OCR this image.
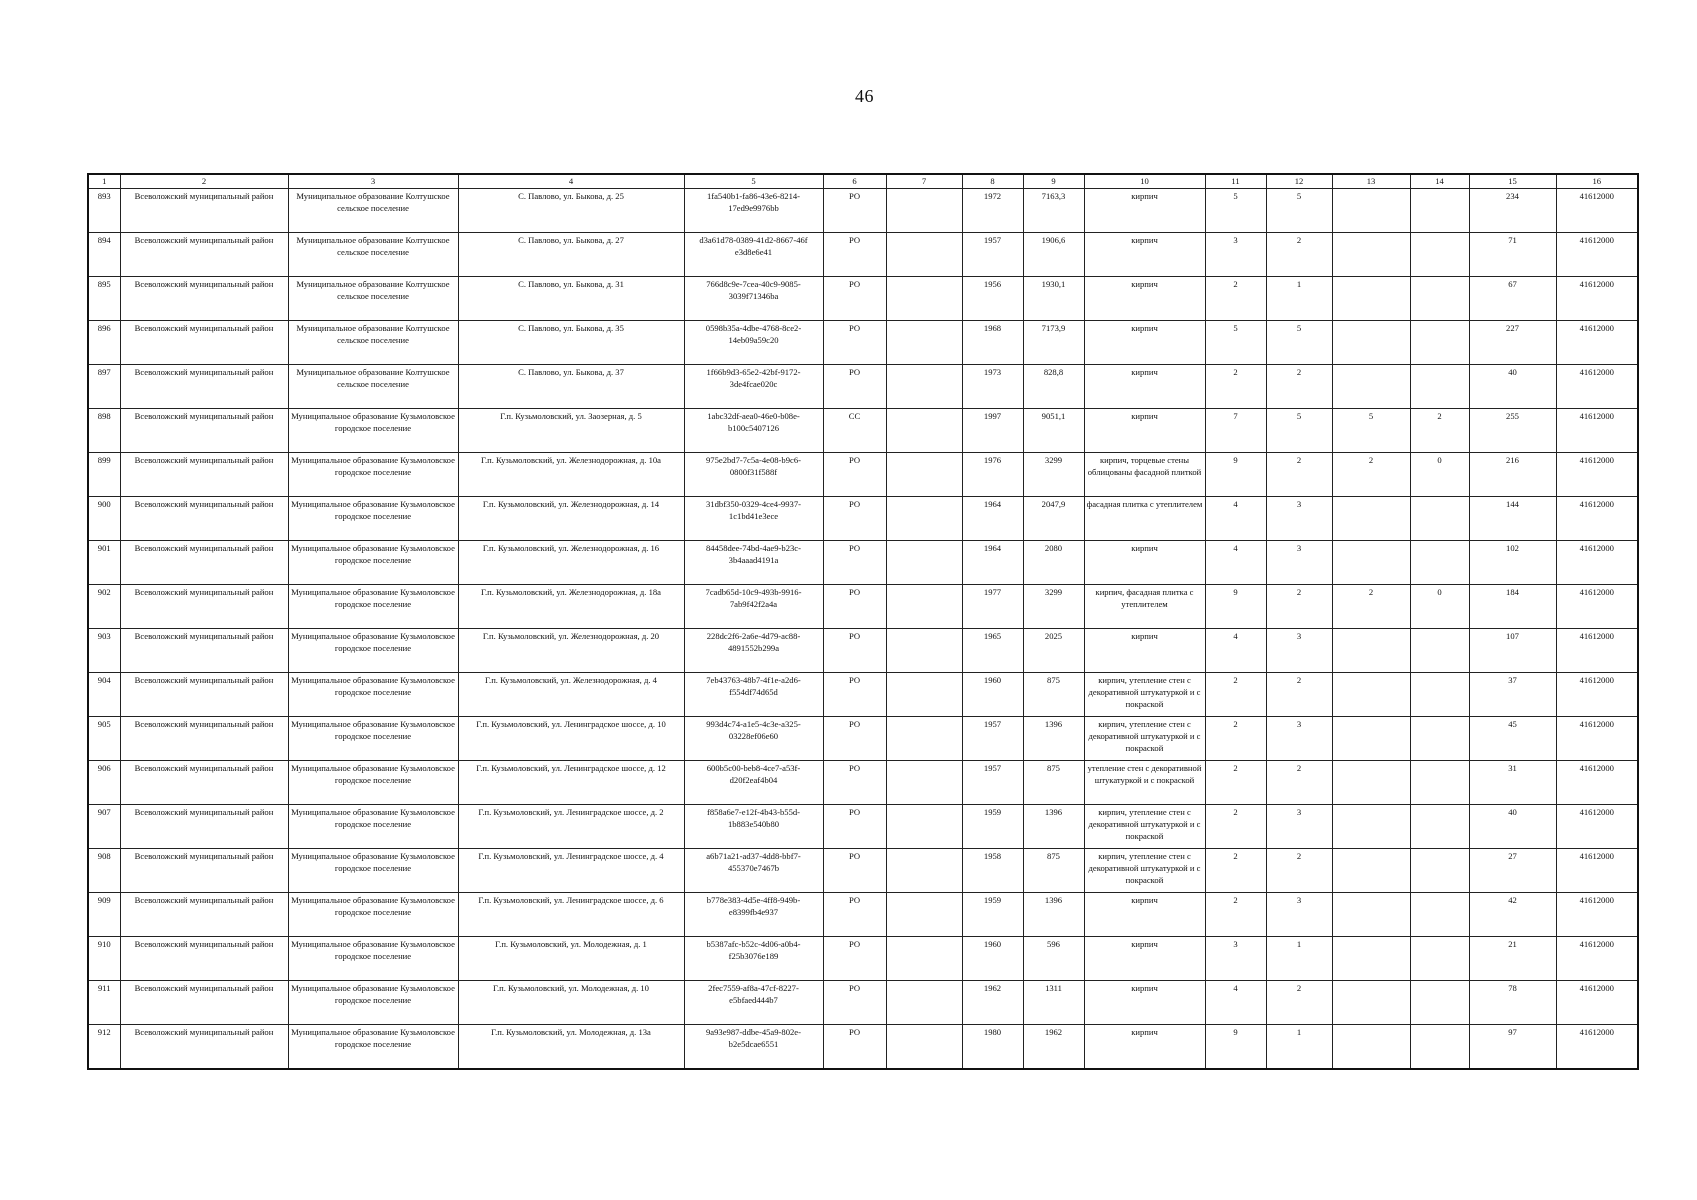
46
1	2	3	4	5	6	7	8	9	10	11	12	13	14	15	16
893	Всеволожский муниципальный район	Муниципальное образование Колтушское сельское поселение	С. Павлово, ул. Быкова, д. 25	1fa540b1-fa86-43e6-8214-17ed9e9976bb	РО		1972	7163,3	кирпич	5	5			234	41612000
894	Всеволожский муниципальный район	Муниципальное образование Колтушское сельское поселение	С. Павлово, ул. Быкова, д. 27	d3a61d78-0389-41d2-8667-46f e3d8e6e41	РО		1957	1906,6	кирпич	3	2			71	41612000
895	Всеволожский муниципальный район	Муниципальное образование Колтушское сельское поселение	С. Павлово, ул. Быкова, д. 31	766d8c9e-7cea-40c9-9085-3039f71346ba	РО		1956	1930,1	кирпич	2	1			67	41612000
896	Всеволожский муниципальный район	Муниципальное образование Колтушское сельское поселение	С. Павлово, ул. Быкова, д. 35	0598b35a-4dbe-4768-8ce2-14eb09a59c20	РО		1968	7173,9	кирпич	5	5			227	41612000
897	Всеволожский муниципальный район	Муниципальное образование Колтушское сельское поселение	С. Павлово, ул. Быкова, д. 37	1f66b9d3-65e2-42bf-9172-3de4fcae020c	РО		1973	828,8	кирпич	2	2			40	41612000
898	Всеволожский муниципальный район	Муниципальное образование Кузьмоловское городское поселение	Г.п. Кузьмоловский, ул. Заозерная, д. 5	1abc32df-aea0-46e0-b08e-b100c5407126	СС		1997	9051,1	кирпич	7	5	5	2	255	41612000
899	Всеволожский муниципальный район	Муниципальное образование Кузьмоловское городское поселение	Г.п. Кузьмоловский, ул. Железнодорожная, д. 10а	975e2bd7-7c5a-4e08-b9c6-0800f31f588f	РО		1976	3299	кирпич, торцевые стены облицованы фасадной плиткой	9	2	2	0	216	41612000
900	Всеволожский муниципальный район	Муниципальное образование Кузьмоловское городское поселение	Г.п. Кузьмоловский, ул. Железнодорожная, д. 14	31dbf350-0329-4ce4-9937-1c1bd41e3ece	РО		1964	2047,9	фасадная плитка с утеплителем	4	3			144	41612000
901	Всеволожский муниципальный район	Муниципальное образование Кузьмоловское городское поселение	Г.п. Кузьмоловский, ул. Железнодорожная, д. 16	84458dee-74bd-4ae9-b23c-3b4aaad4191a	РО		1964	2080	кирпич	4	3			102	41612000
902	Всеволожский муниципальный район	Муниципальное образование Кузьмоловское городское поселение	Г.п. Кузьмоловский, ул. Железнодорожная, д. 18а	7cadb65d-10c9-493b-9916-7ab9f42f2a4a	РО		1977	3299	кирпич, фасадная плитка с утеплителем	9	2	2	0	184	41612000
903	Всеволожский муниципальный район	Муниципальное образование Кузьмоловское городское поселение	Г.п. Кузьмоловский, ул. Железнодорожная, д. 20	228dc2f6-2a6e-4d79-ac88-4891552b299a	РО		1965	2025	кирпич	4	3			107	41612000
904	Всеволожский муниципальный район	Муниципальное образование Кузьмоловское городское поселение	Г.п. Кузьмоловский, ул. Железнодорожная, д. 4	7eb43763-48b7-4f1e-a2d6-f554df74d65d	РО		1960	875	кирпич, утепление стен с декоративной штукатуркой и с покраской	2	2			37	41612000
905	Всеволожский муниципальный район	Муниципальное образование Кузьмоловское городское поселение	Г.п. Кузьмоловский, ул. Ленинградское шоссе, д. 10	993d4c74-a1e5-4c3e-a325-03228ef06e60	РО		1957	1396	кирпич, утепление стен с декоративной штукатуркой и с покраской	2	3			45	41612000
906	Всеволожский муниципальный район	Муниципальное образование Кузьмоловское городское поселение	Г.п. Кузьмоловский, ул. Ленинградское шоссе, д. 12	600b5c00-beb8-4ce7-a53f-d20f2eaf4b04	РО		1957	875	утепление стен с декоративной штукатуркой и с покраской	2	2			31	41612000
907	Всеволожский муниципальный район	Муниципальное образование Кузьмоловское городское поселение	Г.п. Кузьмоловский, ул. Ленинградское шоссе, д. 2	f858a6e7-e12f-4b43-b55d-1b883e540b80	РО		1959	1396	кирпич, утепление стен с декоративной штукатуркой и с покраской	2	3			40	41612000
908	Всеволожский муниципальный район	Муниципальное образование Кузьмоловское городское поселение	Г.п. Кузьмоловский, ул. Ленинградское шоссе, д. 4	a6b71a21-ad37-4dd8-bbf7-455370e7467b	РО		1958	875	кирпич, утепление стен с декоративной штукатуркой и с покраской	2	2			27	41612000
909	Всеволожский муниципальный район	Муниципальное образование Кузьмоловское городское поселение	Г.п. Кузьмоловский, ул. Ленинградское шоссе, д. 6	b778e383-4d5e-4ff8-949b-e8399fb4e937	РО		1959	1396	кирпич	2	3			42	41612000
910	Всеволожский муниципальный район	Муниципальное образование Кузьмоловское городское поселение	Г.п. Кузьмоловский, ул. Молодежная, д. 1	b5387afc-b52c-4d06-a0b4-f25b3076e189	РО		1960	596	кирпич	3	1			21	41612000
911	Всеволожский муниципальный район	Муниципальное образование Кузьмоловское городское поселение	Г.п. Кузьмоловский, ул. Молодежная, д. 10	2fec7559-af8a-47cf-8227-e5bfaed444b7	РО		1962	1311	кирпич	4	2			78	41612000
912	Всеволожский муниципальный район	Муниципальное образование Кузьмоловское городское поселение	Г.п. Кузьмоловский, ул. Молодежная, д. 13а	9a93e987-ddbe-45a9-802e-b2e5dcae6551	РО		1980	1962	кирпич	9	1			97	41612000
